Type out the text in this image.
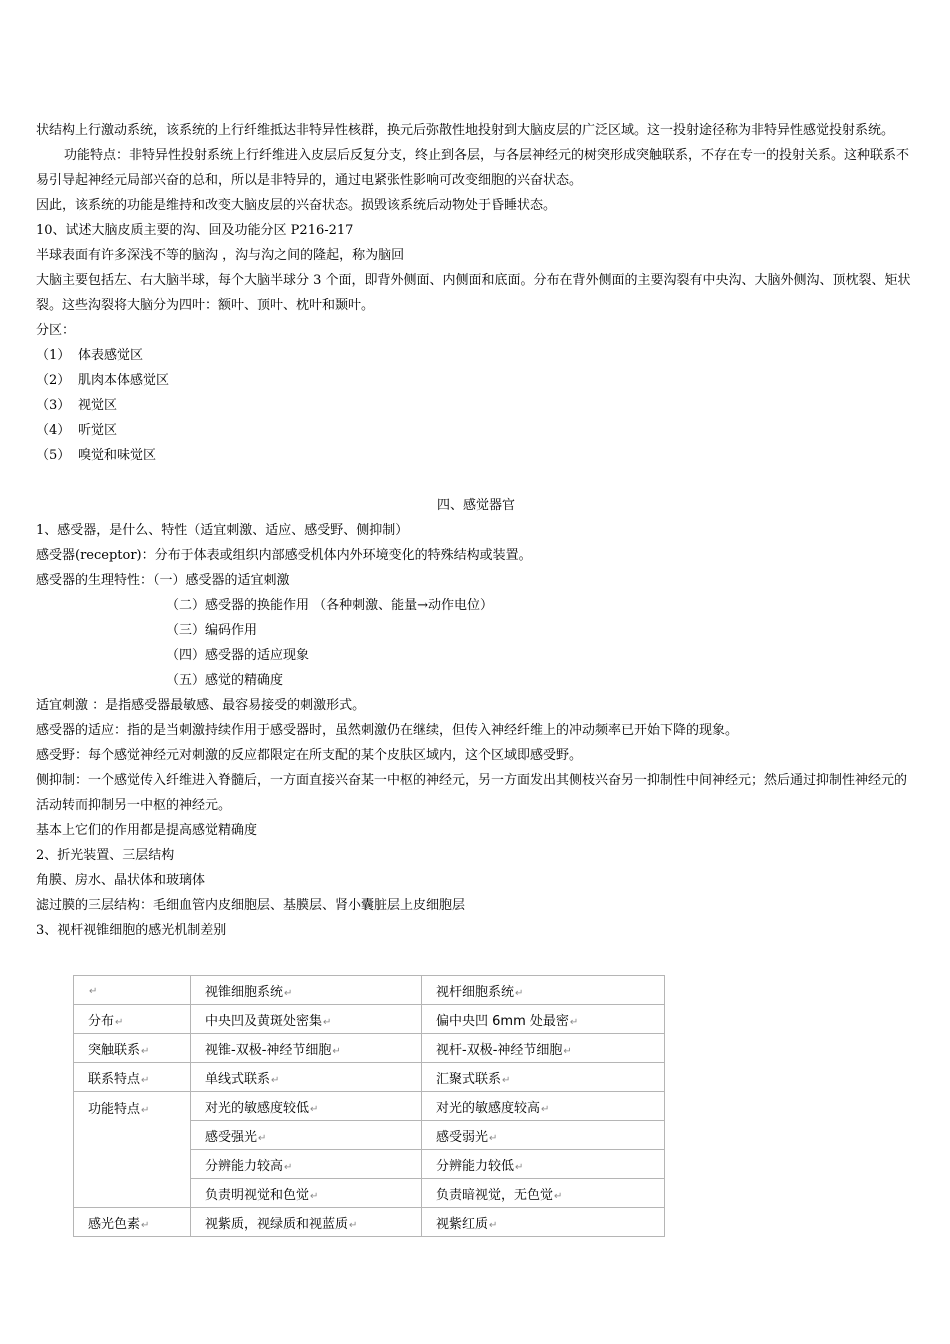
状结构上行激动系统，该系统的上行纤维抵达非特异性核群，换元后弥散性地投射到大脑皮层的广泛区域。这一投射途径称为非特异性感觉投射系统。

功能特点：非特异性投射系统上行纤维进入皮层后反复分支，终止到各层，与各层神经元的树突形成突触联系，不存在专一的投射关系。这种联系不易引导起神经元局部兴奋的总和，所以是非特异的，通过电紧张性影响可改变细胞的兴奋状态。

因此，该系统的功能是维持和改变大脑皮层的兴奋状态。损毁该系统后动物处于昏睡状态。

10、试述大脑皮质主要的沟、回及功能分区 P216-217

半球表面有许多深浅不等的脑沟 ，沟与沟之间的隆起，称为脑回

大脑主要包括左、右大脑半球，每个大脑半球分 3 个面，即背外侧面、内侧面和底面。分布在背外侧面的主要沟裂有中央沟、大脑外侧沟、顶枕裂、矩状裂。这些沟裂将大脑分为四叶：额叶、顶叶、枕叶和颞叶。

分区：

（1） 体表感觉区

（2） 肌肉本体感觉区

（3） 视觉区

（4） 听觉区

（5） 嗅觉和味觉区

四、感觉器官

1、感受器，是什么、特性（适宜刺激、适应、感受野、侧抑制）

感受器(receptor)：分布于体表或组织内部感受机体内外环境变化的特殊结构或装置。

感受器的生理特性：（一）感受器的适宜刺激

（二）感受器的换能作用 （各种刺激、能量→动作电位）

（三）编码作用

（四）感受器的适应现象

（五）感觉的精确度

适宜刺激 ：是指感受器最敏感、最容易接受的刺激形式。

感受器的适应：指的是当刺激持续作用于感受器时，虽然刺激仍在继续，但传入神经纤维上的冲动频率已开始下降的现象。

感受野：每个感觉神经元对刺激的反应都限定在所支配的某个皮肤区域内，这个区域即感受野。

侧抑制：一个感觉传入纤维进入脊髓后，一方面直接兴奋某一中枢的神经元，另一方面发出其侧枝兴奋另一抑制性中间神经元；然后通过抑制性神经元的活动转而抑制另一中枢的神经元。

基本上它们的作用都是提高感觉精确度

2、折光装置、三层结构

角膜、房水、晶状体和玻璃体

滤过膜的三层结构：毛细血管内皮细胞层、基膜层、肾小囊脏层上皮细胞层

3、视杆视锥细胞的感光机制差别

↵	视锥细胞系统↵	视杆细胞系统↵
分布↵	中央凹及黄斑处密集↵	偏中央凹 6mm 处最密↵
突触联系↵	视锥-双极-神经节细胞↵	视杆-双极-神经节细胞↵
联系特点↵	单线式联系↵	汇聚式联系↵
功能特点↵	对光的敏感度较低↵	对光的敏感度较高↵
	感受强光↵	感受弱光↵
	分辨能力较高↵	分辨能力较低↵
	负责明视觉和色觉↵	负责暗视觉，无色觉↵
感光色素↵	视紫质，视绿质和视蓝质↵	视紫红质↵
